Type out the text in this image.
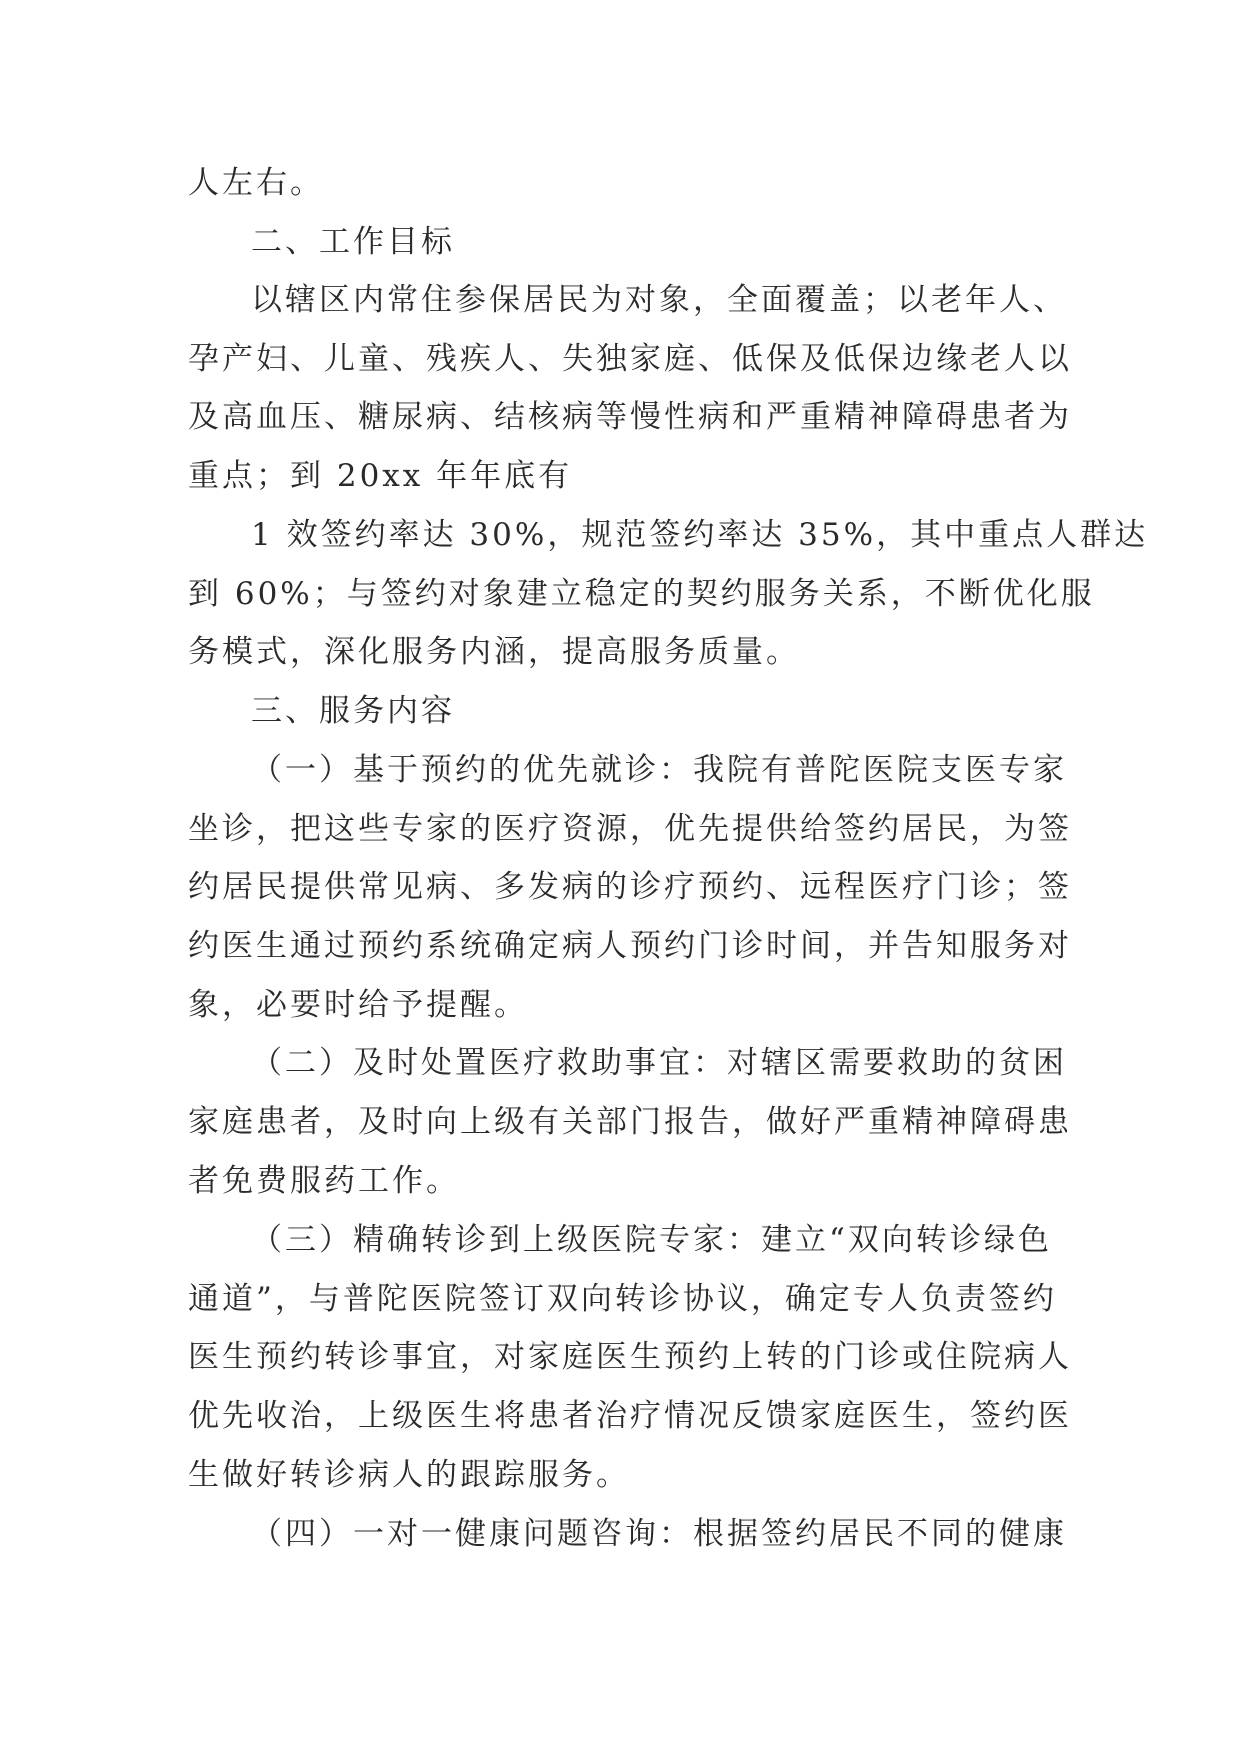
人左右。

二、工作目标

以辖区内常住参保居民为对象，全面覆盖；以老年人、

孕产妇、儿童、残疾人、失独家庭、低保及低保边缘老人以

及高血压、糖尿病、结核病等慢性病和严重精神障碍患者为

重点；到 20xx 年年底有

1 效签约率达 30%，规范签约率达 35%，其中重点人群达

到 60%；与签约对象建立稳定的契约服务关系，不断优化服

务模式，深化服务内涵，提高服务质量。

三、服务内容

（一）基于预约的优先就诊：我院有普陀医院支医专家

坐诊，把这些专家的医疗资源，优先提供给签约居民，为签

约居民提供常见病、多发病的诊疗预约、远程医疗门诊；签

约医生通过预约系统确定病人预约门诊时间，并告知服务对

象，必要时给予提醒。

（二）及时处置医疗救助事宜：对辖区需要救助的贫困

家庭患者，及时向上级有关部门报告，做好严重精神障碍患

者免费服药工作。

（三）精确转诊到上级医院专家：建立“双向转诊绿色

通道”，与普陀医院签订双向转诊协议，确定专人负责签约

医生预约转诊事宜，对家庭医生预约上转的门诊或住院病人

优先收治，上级医生将患者治疗情况反馈家庭医生，签约医

生做好转诊病人的跟踪服务。

（四）一对一健康问题咨询：根据签约居民不同的健康
